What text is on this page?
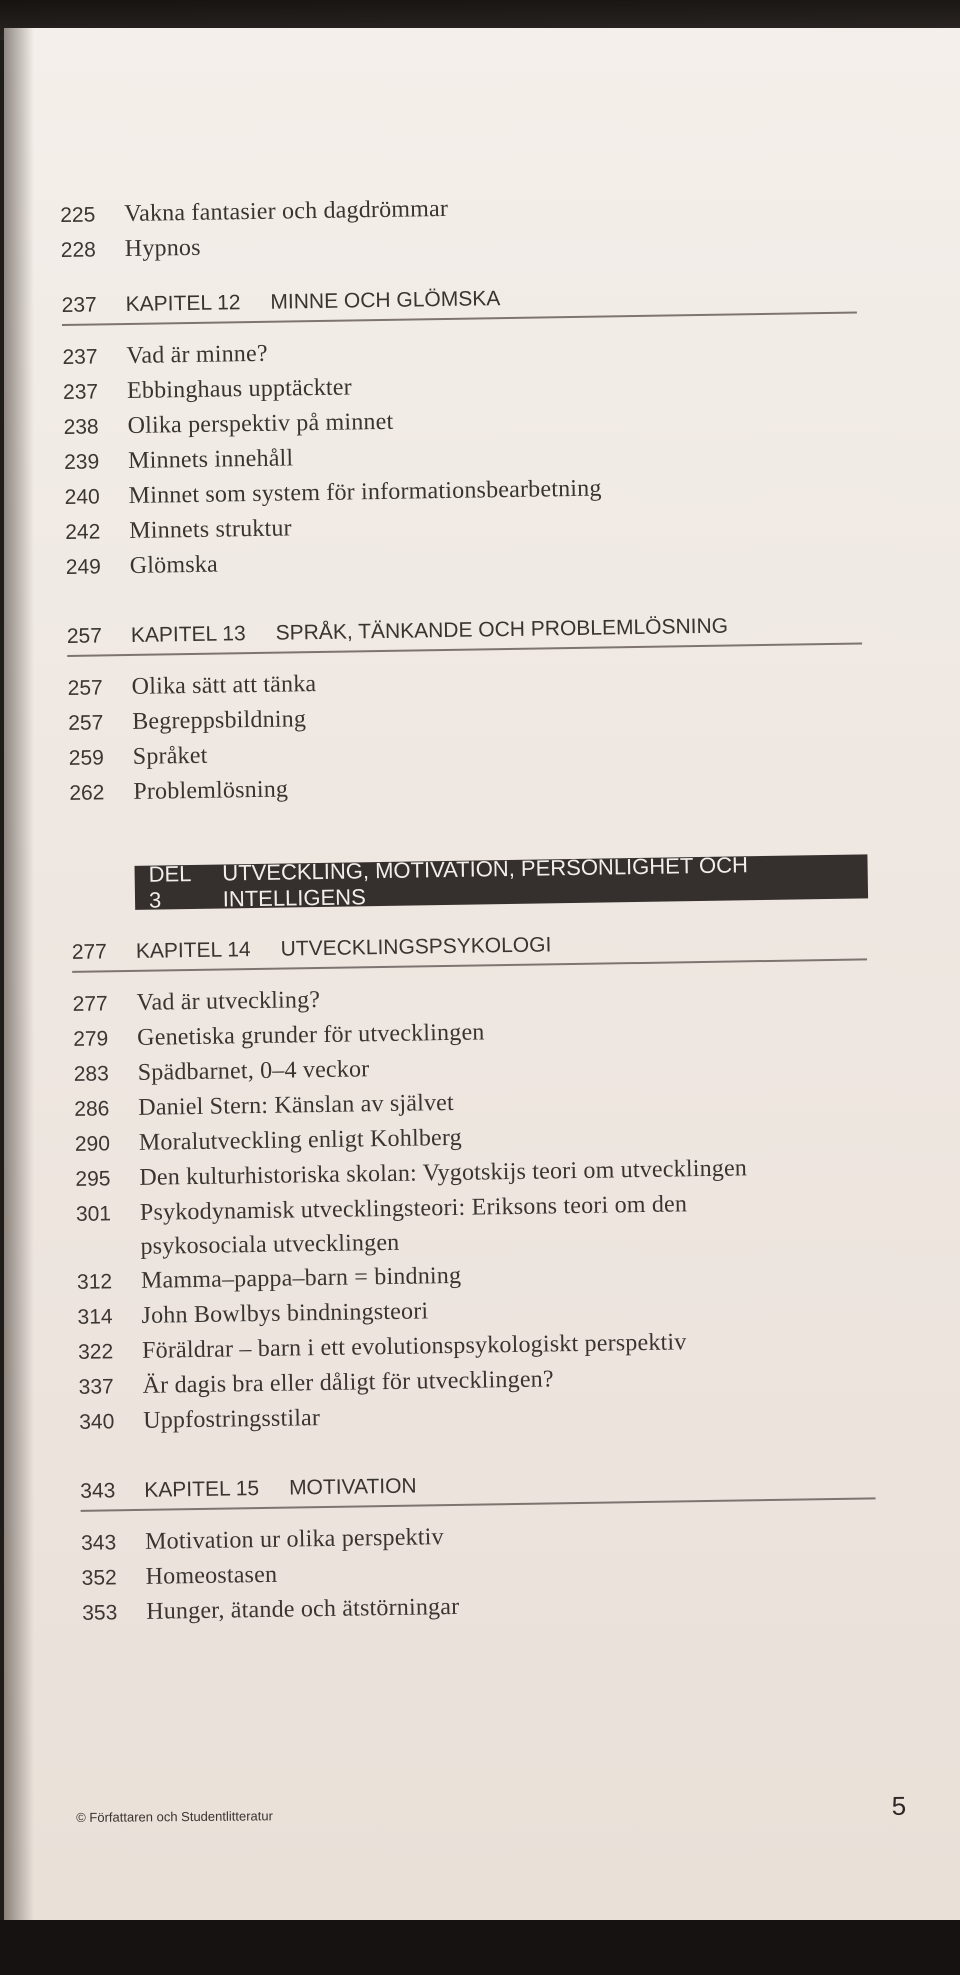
225	Vakna fantasier och dagdrömmar
228	Hypnos
237	KAPITEL 12 MINNE OCH GLÖMSKA
237	Vad är minne?
237	Ebbinghaus upptäckter
238	Olika perspektiv på minnet
239	Minnets innehåll
240	Minnet som system för informationsbearbetning
242	Minnets struktur
249	Glömska
257	KAPITEL 13 SPRÅK, TÄNKANDE OCH PROBLEMLÖSNING
257	Olika sätt att tänka
257	Begreppsbildning
259	Språket
262	Problemlösning
DEL 3
UTVECKLING, MOTIVATION, PERSONLIGHET OCH INTELLIGENS
277	KAPITEL 14 UTVECKLINGSPSYKOLOGI
277	Vad är utveckling?
279	Genetiska grunder för utvecklingen
283	Spädbarnet, 0–4 veckor
286	Daniel Stern: Känslan av självet
290	Moralutveckling enligt Kohlberg
295	Den kulturhistoriska skolan: Vygotskijs teori om utvecklingen
301	Psykodynamisk utvecklingsteori: Eriksons teori om den
psykosociala utvecklingen
312	Mamma–pappa–barn = bindning
314	John Bowlbys bindningsteori
322	Föräldrar – barn i ett evolutionspsykologiskt perspektiv
337	Är dagis bra eller dåligt för utvecklingen?
340	Uppfostringsstilar
343	KAPITEL 15 MOTIVATION
343	Motivation ur olika perspektiv
352	Homeostasen
353	Hunger, ätande och ätstörningar
© Författaren och Studentlitteratur	5
